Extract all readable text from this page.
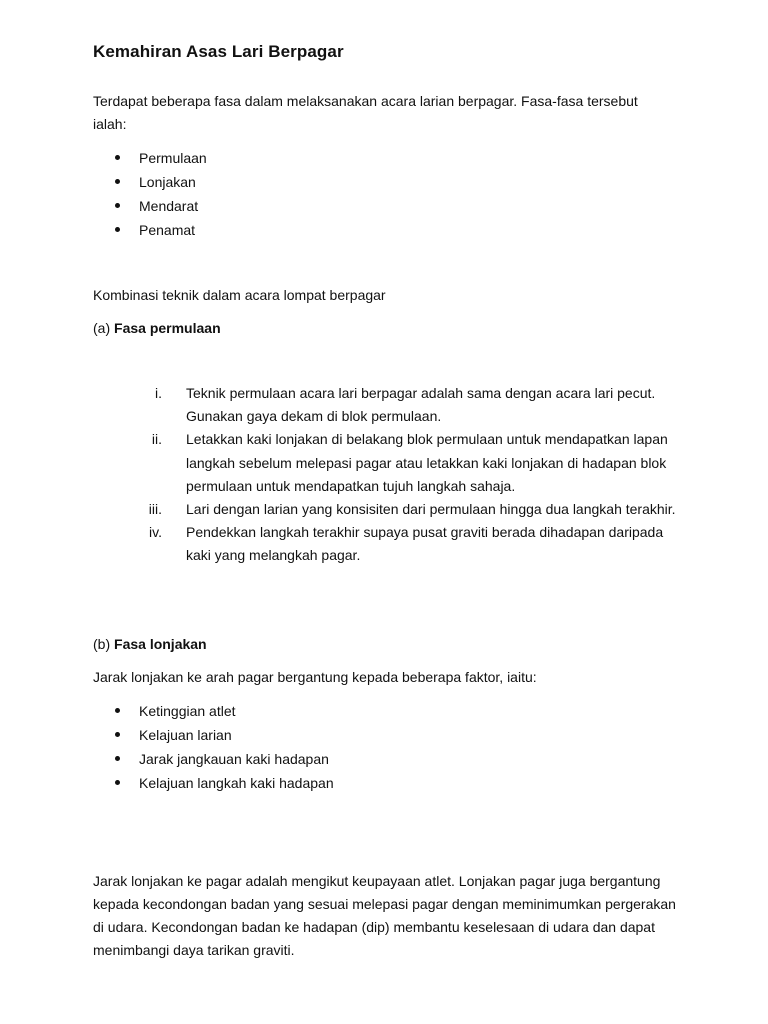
Kemahiran Asas Lari Berpagar
Terdapat beberapa fasa dalam melaksanakan acara larian berpagar. Fasa-fasa tersebut ialah:
Permulaan
Lonjakan
Mendarat
Penamat
Kombinasi teknik dalam acara lompat berpagar
(a) Fasa permulaan
i. Teknik permulaan acara lari berpagar adalah sama dengan acara lari pecut. Gunakan gaya dekam di blok permulaan.
ii. Letakkan kaki lonjakan di belakang blok permulaan untuk mendapatkan lapan langkah sebelum melepasi pagar atau letakkan kaki lonjakan di hadapan blok permulaan untuk mendapatkan tujuh langkah sahaja.
iii. Lari dengan larian yang konsisiten dari permulaan hingga dua langkah terakhir.
iv. Pendekkan langkah terakhir supaya pusat graviti berada dihadapan daripada kaki yang melangkah pagar.
(b) Fasa lonjakan
Jarak lonjakan ke arah pagar bergantung kepada beberapa faktor, iaitu:
Ketinggian atlet
Kelajuan larian
Jarak jangkauan kaki hadapan
Kelajuan langkah kaki hadapan
Jarak lonjakan ke pagar adalah mengikut keupayaan atlet. Lonjakan pagar juga bergantung kepada kecondongan badan yang sesuai melepasi pagar dengan meminimumkan pergerakan di udara. Kecondongan badan ke hadapan (dip) membantu keselesaan di udara dan dapat menimbangi daya tarikan graviti.
